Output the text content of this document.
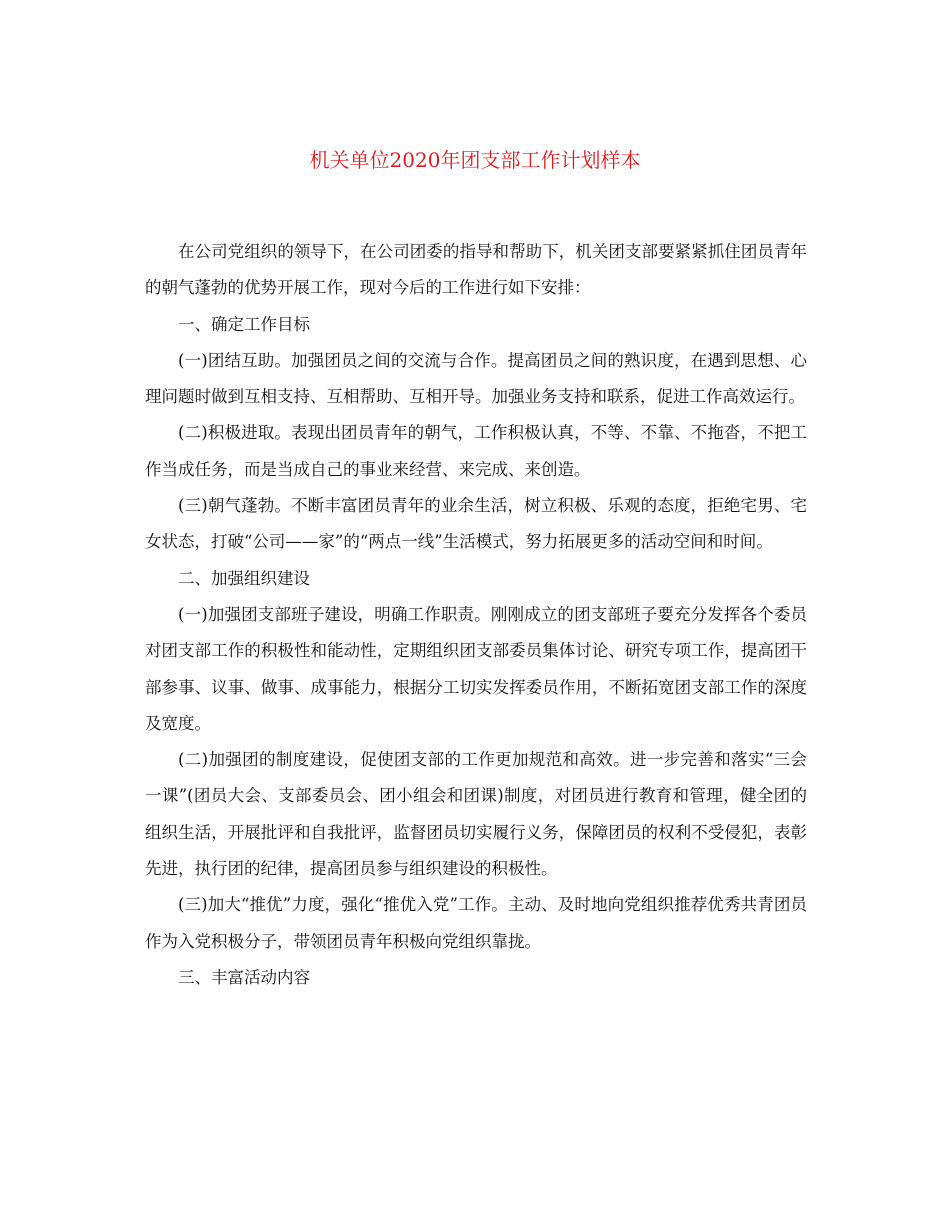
机关单位2020年团支部工作计划样本

在公司党组织的领导下，在公司团委的指导和帮助下，机关团支部要紧紧抓住团员青年的朝气蓬勃的优势开展工作，现对今后的工作进行如下安排：

一、确定工作目标

(一)团结互助。加强团员之间的交流与合作。提高团员之间的熟识度，在遇到思想、心理问题时做到互相支持、互相帮助、互相开导。加强业务支持和联系，促进工作高效运行。

(二)积极进取。表现出团员青年的朝气，工作积极认真，不等、不靠、不拖沓，不把工作当成任务，而是当成自己的事业来经营、来完成、来创造。

(三)朝气蓬勃。不断丰富团员青年的业余生活，树立积极、乐观的态度，拒绝宅男、宅女状态，打破“公司——家”的“两点一线”生活模式，努力拓展更多的活动空间和时间。

二、加强组织建设

(一)加强团支部班子建设，明确工作职责。刚刚成立的团支部班子要充分发挥各个委员对团支部工作的积极性和能动性，定期组织团支部委员集体讨论、研究专项工作，提高团干部参事、议事、做事、成事能力，根据分工切实发挥委员作用，不断拓宽团支部工作的深度及宽度。

(二)加强团的制度建设，促使团支部的工作更加规范和高效。进一步完善和落实“三会一课”(团员大会、支部委员会、团小组会和团课)制度，对团员进行教育和管理，健全团的组织生活，开展批评和自我批评，监督团员切实履行义务，保障团员的权利不受侵犯，表彰先进，执行团的纪律，提高团员参与组织建设的积极性。

(三)加大“推优”力度，强化“推优入党”工作。主动、及时地向党组织推荐优秀共青团员作为入党积极分子，带领团员青年积极向党组织靠拢。

三、丰富活动内容
